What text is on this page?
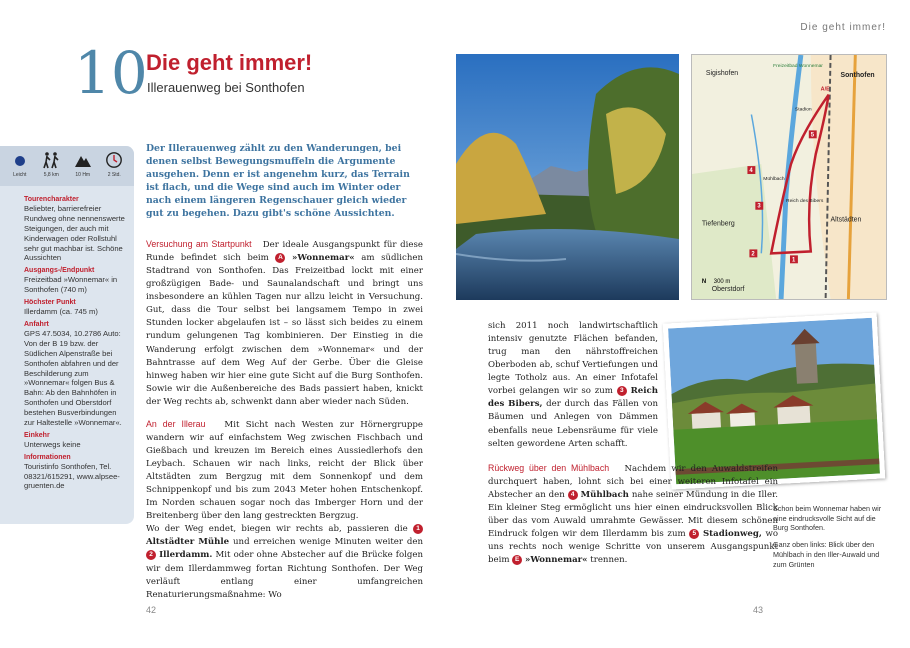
10
Die geht immer!
Illerauenweg bei Sonthofen
Leicht	5,8 km	10 Hm	2 Std.
Tourencharakter
Beliebter, barrierefreier Rundweg ohne nennenswerte Steigungen, der auch mit Kinderwagen oder Rollstuhl sehr gut machbar ist. Schöne Aussichten
Ausgangs-/Endpunkt
Freizeitbad »Wonnemar« in Sonthofen (740 m)
Höchster Punkt
Illerdamm (ca. 745 m)
Anfahrt
GPS 47.5034, 10.2786 Auto: Von der B 19 bzw. der Südlichen Alpenstraße bei Sonthofen abfahren und der Beschilderung zum »Wonnemar« folgen Bus & Bahn: Ab den Bahnhöfen in Sonthofen und Oberstdorf bestehen Busverbindungen zur Haltestelle »Wonnemar«.
Einkehr
Unterwegs keine
Informationen
Touristinfo Sonthofen, Tel. 08321/615291, www.alpsee-gruenten.de
Der Illerauenweg zählt zu den Wanderungen, bei denen selbst Bewegungsmuffeln die Argumente ausgehen. Denn er ist angenehm kurz, das Terrain ist flach, und die Wege sind auch im Winter oder nach einem längeren Regenschauer gleich wieder gut zu begehen. Dazu gibt's schöne Aussichten.

Versuchung am Startpunkt Der ideale Ausgangspunkt für diese Runde befindet sich beim A »Wonnemar« am südlichen Stadtrand von Sonthofen. Das Freizeitbad lockt mit einer großzügigen Bade- und Saunalandschaft und bringt uns insbesondere an kühlen Tagen nur allzu leicht in Versuchung. Gut, dass die Tour selbst bei langsamem Tempo in zwei Stunden locker abgelaufen ist – so lässt sich beides zu einem rundum gelungenen Tag kombinieren. Der Einstieg in die Wanderung erfolgt zwischen dem »Wonnemar« und der Bahntrasse auf dem Weg Auf der Gerbe. Über die Gleise hinweg haben wir hier eine gute Sicht auf die Burg Sonthofen. Sowie wir die Außenbereiche des Bads passiert haben, knickt der Weg rechts ab, schwenkt dann aber wieder nach Süden.

An der Illerau Mit Sicht nach Westen zur Hörnergruppe wandern wir auf einfachstem Weg zwischen Fischbach und Gießbach und kreuzen im Bereich eines Aussiedlerhofs den Leybach. Schauen wir nach links, reicht der Blick über Altstädten zum Bergzug mit dem Sonnenkopf und dem Schnippenkopf und bis zum 2043 Meter hohen Entschenkopf. Im Norden schauen sogar noch das Imberger Horn und der Breitenberg über den lang gestreckten Bergzug.

Wo der Weg endet, biegen wir rechts ab, passieren die 1 Altstädter Mühle und erreichen wenige Minuten weiter den 2 Illerdamm. Mit oder ohne Abstecher auf die Brücke folgen wir dem Illerdammweg fortan Richtung Sonthofen. Der Weg verläuft entlang einer umfangreichen Renaturierungsmaßnahme: Wo

42
Die geht immer!
Sonthofen
Sigishofen
Altstädten
Tiefenberg
Oberstdorf
Reich des Bibers
Mühlbach
Freizeitbad Wonnemar
Stadion
A/E
1
2
3
4
5
N 300 m

sich 2011 noch landwirtschaftlich intensiv genutzte Flächen befanden, trug man den nährstoffreichen Oberboden ab, schuf Vertiefungen und legte Totholz aus. An einer Infotafel vorbei gelangen wir so zum 3 Reich des Bibers, der durch das Fällen von Bäumen und Anlegen von Dämmen ebenfalls neue Lebensräume für viele selten gewordene Arten schafft.

Rückweg über den Mühlbach Nachdem wir den Auwaldstreifen durchquert haben, lohnt sich bei einer weiteren Infotafel ein Abstecher an den 4 Mühlbach nahe seiner Mündung in die Iller. Ein kleiner Steg ermöglicht uns hier einen eindrucksvollen Blick über das vom Auwald umrahmte Gewässer. Mit diesem schönen Eindruck folgen wir dem Illerdamm bis zum 5 Stadionweg, wo uns rechts noch wenige Schritte von unserem Ausgangspunkt beim E »Wonnemar« trennen.

Schon beim Wonnemar haben wir eine eindrucksvolle Sicht auf die Burg Sonthofen.

Ganz oben links: Blick über den Mühlbach in den Iller-Auwald und zum Grünten

43
